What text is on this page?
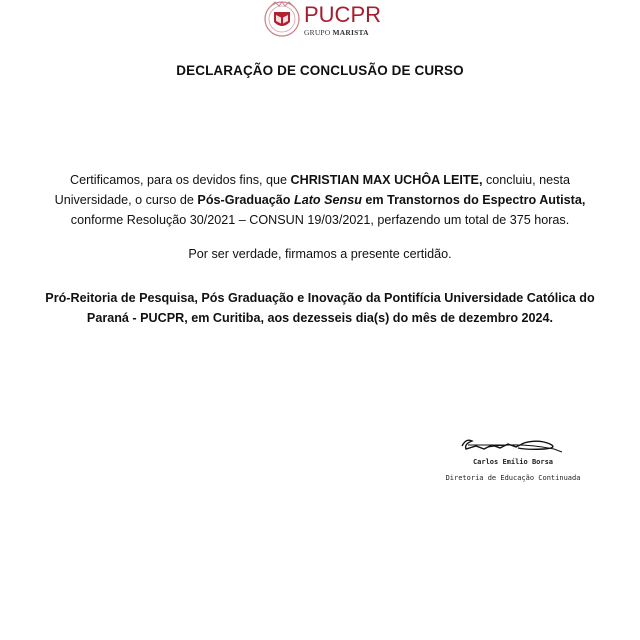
PUCPR
GRUPO MARISTA
DECLARAÇÃO DE CONCLUSÃO DE CURSO
Certificamos, para os devidos fins, que CHRISTIAN MAX UCHÔA LEITE, concluiu, nesta Universidade, o curso de Pós-Graduação Lato Sensu em Transtornos do Espectro Autista, conforme Resolução 30/2021 – CONSUN 19/03/2021, perfazendo um total de 375 horas.
Por ser verdade, firmamos a presente certidão.
Pró-Reitoria de Pesquisa, Pós Graduação e Inovação da Pontifícia Universidade Católica do Paraná - PUCPR, em Curitiba, aos dezesseis dia(s) do mês de dezembro 2024.
Carlos Emílio Borsa
Diretoria de Educação Continuada
